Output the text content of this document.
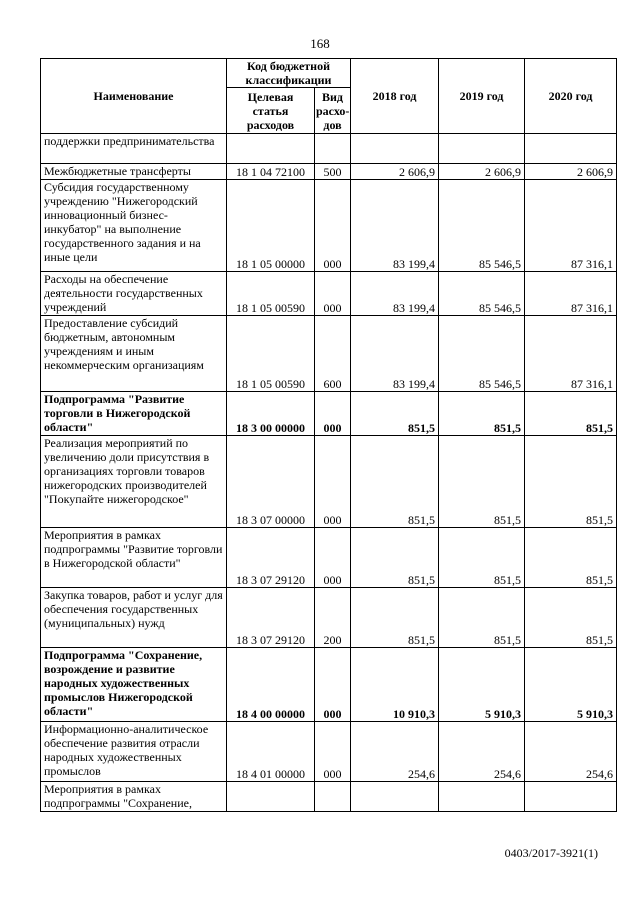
168
Наименование	Код бюджетной классификации		2018 год	2019 год	2020 год
	Целевая статья расходов	Вид расхо-дов			
поддержки предпринимательства					
Межбюджетные трансферты	18 1 04 72100	500	2 606,9	2 606,9	2 606,9
Субсидия государственному учреждению "Нижегородский инновационный бизнес-инкубатор" на выполнение государственного задания и на иные цели	18 1 05 00000	000	83 199,4	85 546,5	87 316,1
Расходы на обеспечение деятельности государственных учреждений	18 1 05 00590	000	83 199,4	85 546,5	87 316,1
Предоставление субсидий бюджетным, автономным учреждениям и иным некоммерческим организациям	18 1 05 00590	600	83 199,4	85 546,5	87 316,1
Подпрограмма "Развитие торговли в Нижегородской области"	18 3 00 00000	000	851,5	851,5	851,5
Реализация мероприятий по увеличению доли присутствия в организациях торговли товаров нижегородских производителей "Покупайте нижегородское"	18 3 07 00000	000	851,5	851,5	851,5
Мероприятия в рамках подпрограммы "Развитие торговли в Нижегородской области"	18 3 07 29120	000	851,5	851,5	851,5
Закупка товаров, работ и услуг для обеспечения государственных (муниципальных) нужд	18 3 07 29120	200	851,5	851,5	851,5
Подпрограмма "Сохранение, возрождение и развитие народных художественных промыслов Нижегородской области"	18 4 00 00000	000	10 910,3	5 910,3	5 910,3
Информационно-аналитическое обеспечение развития отрасли народных художественных промыслов	18 4 01 00000	000	254,6	254,6	254,6
Мероприятия в рамках подпрограммы "Сохранение,					
0403/2017-3921(1)
